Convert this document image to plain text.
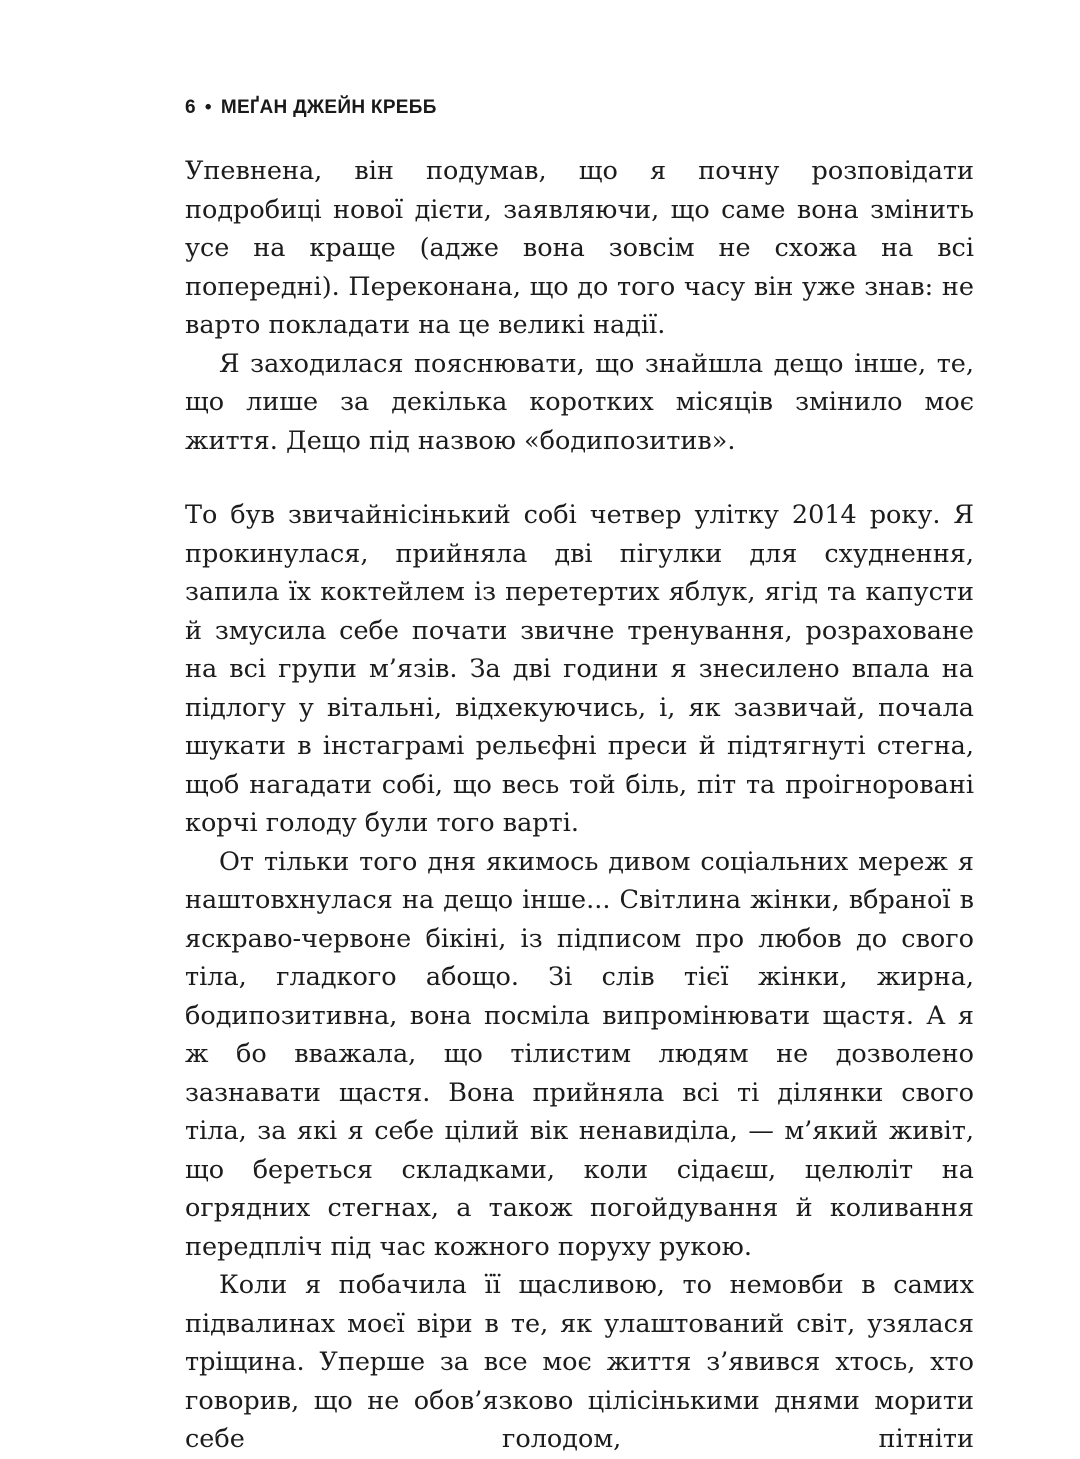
6 • МЕҐАН ДЖЕЙН КРЕББ

Упевнена, він подумав, що я почну розповідати подробиці нової дієти, заявляючи, що саме вона змінить усе на краще (адже вона зовсім не схожа на всі попередні). Переконана, що до того часу він уже знав: не варто покладати на це великі надії.

Я заходилася пояснювати, що знайшла дещо інше, те, що лише за декілька коротких місяців змінило моє життя. Дещо під назвою «бодипозитив».

То був звичайнісінький собі четвер улітку 2014 року. Я прокинулася, прийняла дві пігулки для схуднення, запила їх коктейлем із перетертих яблук, ягід та капусти й змусила себе почати звичне тренування, розраховане на всі групи м’язів. За дві години я знесилено впала на підлогу у вітальні, відхекуючись, і, як зазвичай, почала шукати в інстаграмі рельєфні преси й підтягнуті стегна, щоб нагадати собі, що весь той біль, піт та проігноровані корчі голоду були того варті.

От тільки того дня якимось дивом соціальних мереж я наштовхнулася на дещо інше... Світлина жінки, вбраної в яскраво-червоне бікіні, із підписом про любов до свого тіла, гладкого абощо. Зі слів тієї жінки, жирна, бодипозитивна, вона посміла випромінювати щастя. А я ж бо вважала, що тілистим людям не дозволено зазнавати щастя. Вона прийняла всі ті ділянки свого тіла, за які я себе цілий вік ненавиділа, — м’який живіт, що береться складками, коли сідаєш, целюліт на огрядних стегнах, а також погойдування й коливання передпліч під час кожного поруху рукою.

Коли я побачила її щасливою, то немовби в самих підвалинах моєї віри в те, як улаштований світ, узялася тріщина. Уперше за все моє життя з’явився хтось, хто говорив, що не обов’язково цілісінькими днями морити себе голодом, пітніти
